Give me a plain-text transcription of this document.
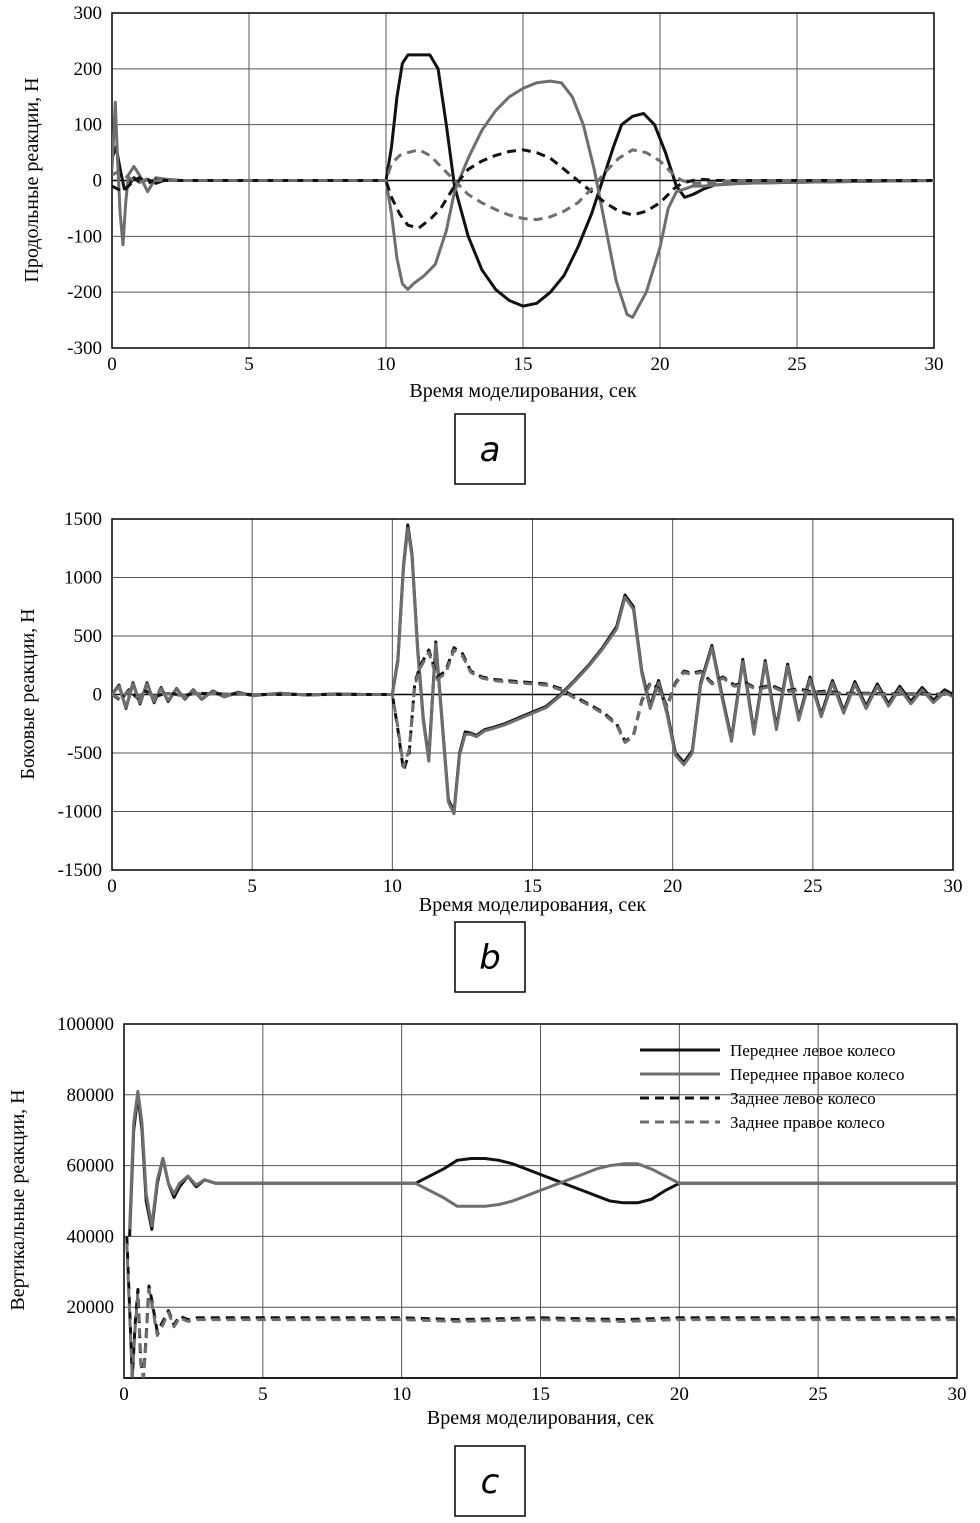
0	5	10	15	20	25	30
-300
-200
-100
0
100
200
300
Время моделирования, сек
Продольные реакции, Н
a
0	5	10	15	20	25	30
-1500
-1000
-500
0
500
1000
1500
Время моделирования, сек
Боковые реакции, Н
b
0	5	10	15	20	25	30
20000
40000
60000
80000
100000
Время моделирования, сек
Вертикальные реакции, Н
Переднее левое колесо
Переднее правое колесо
Заднее левое колесо
Заднее правое колесо
c
